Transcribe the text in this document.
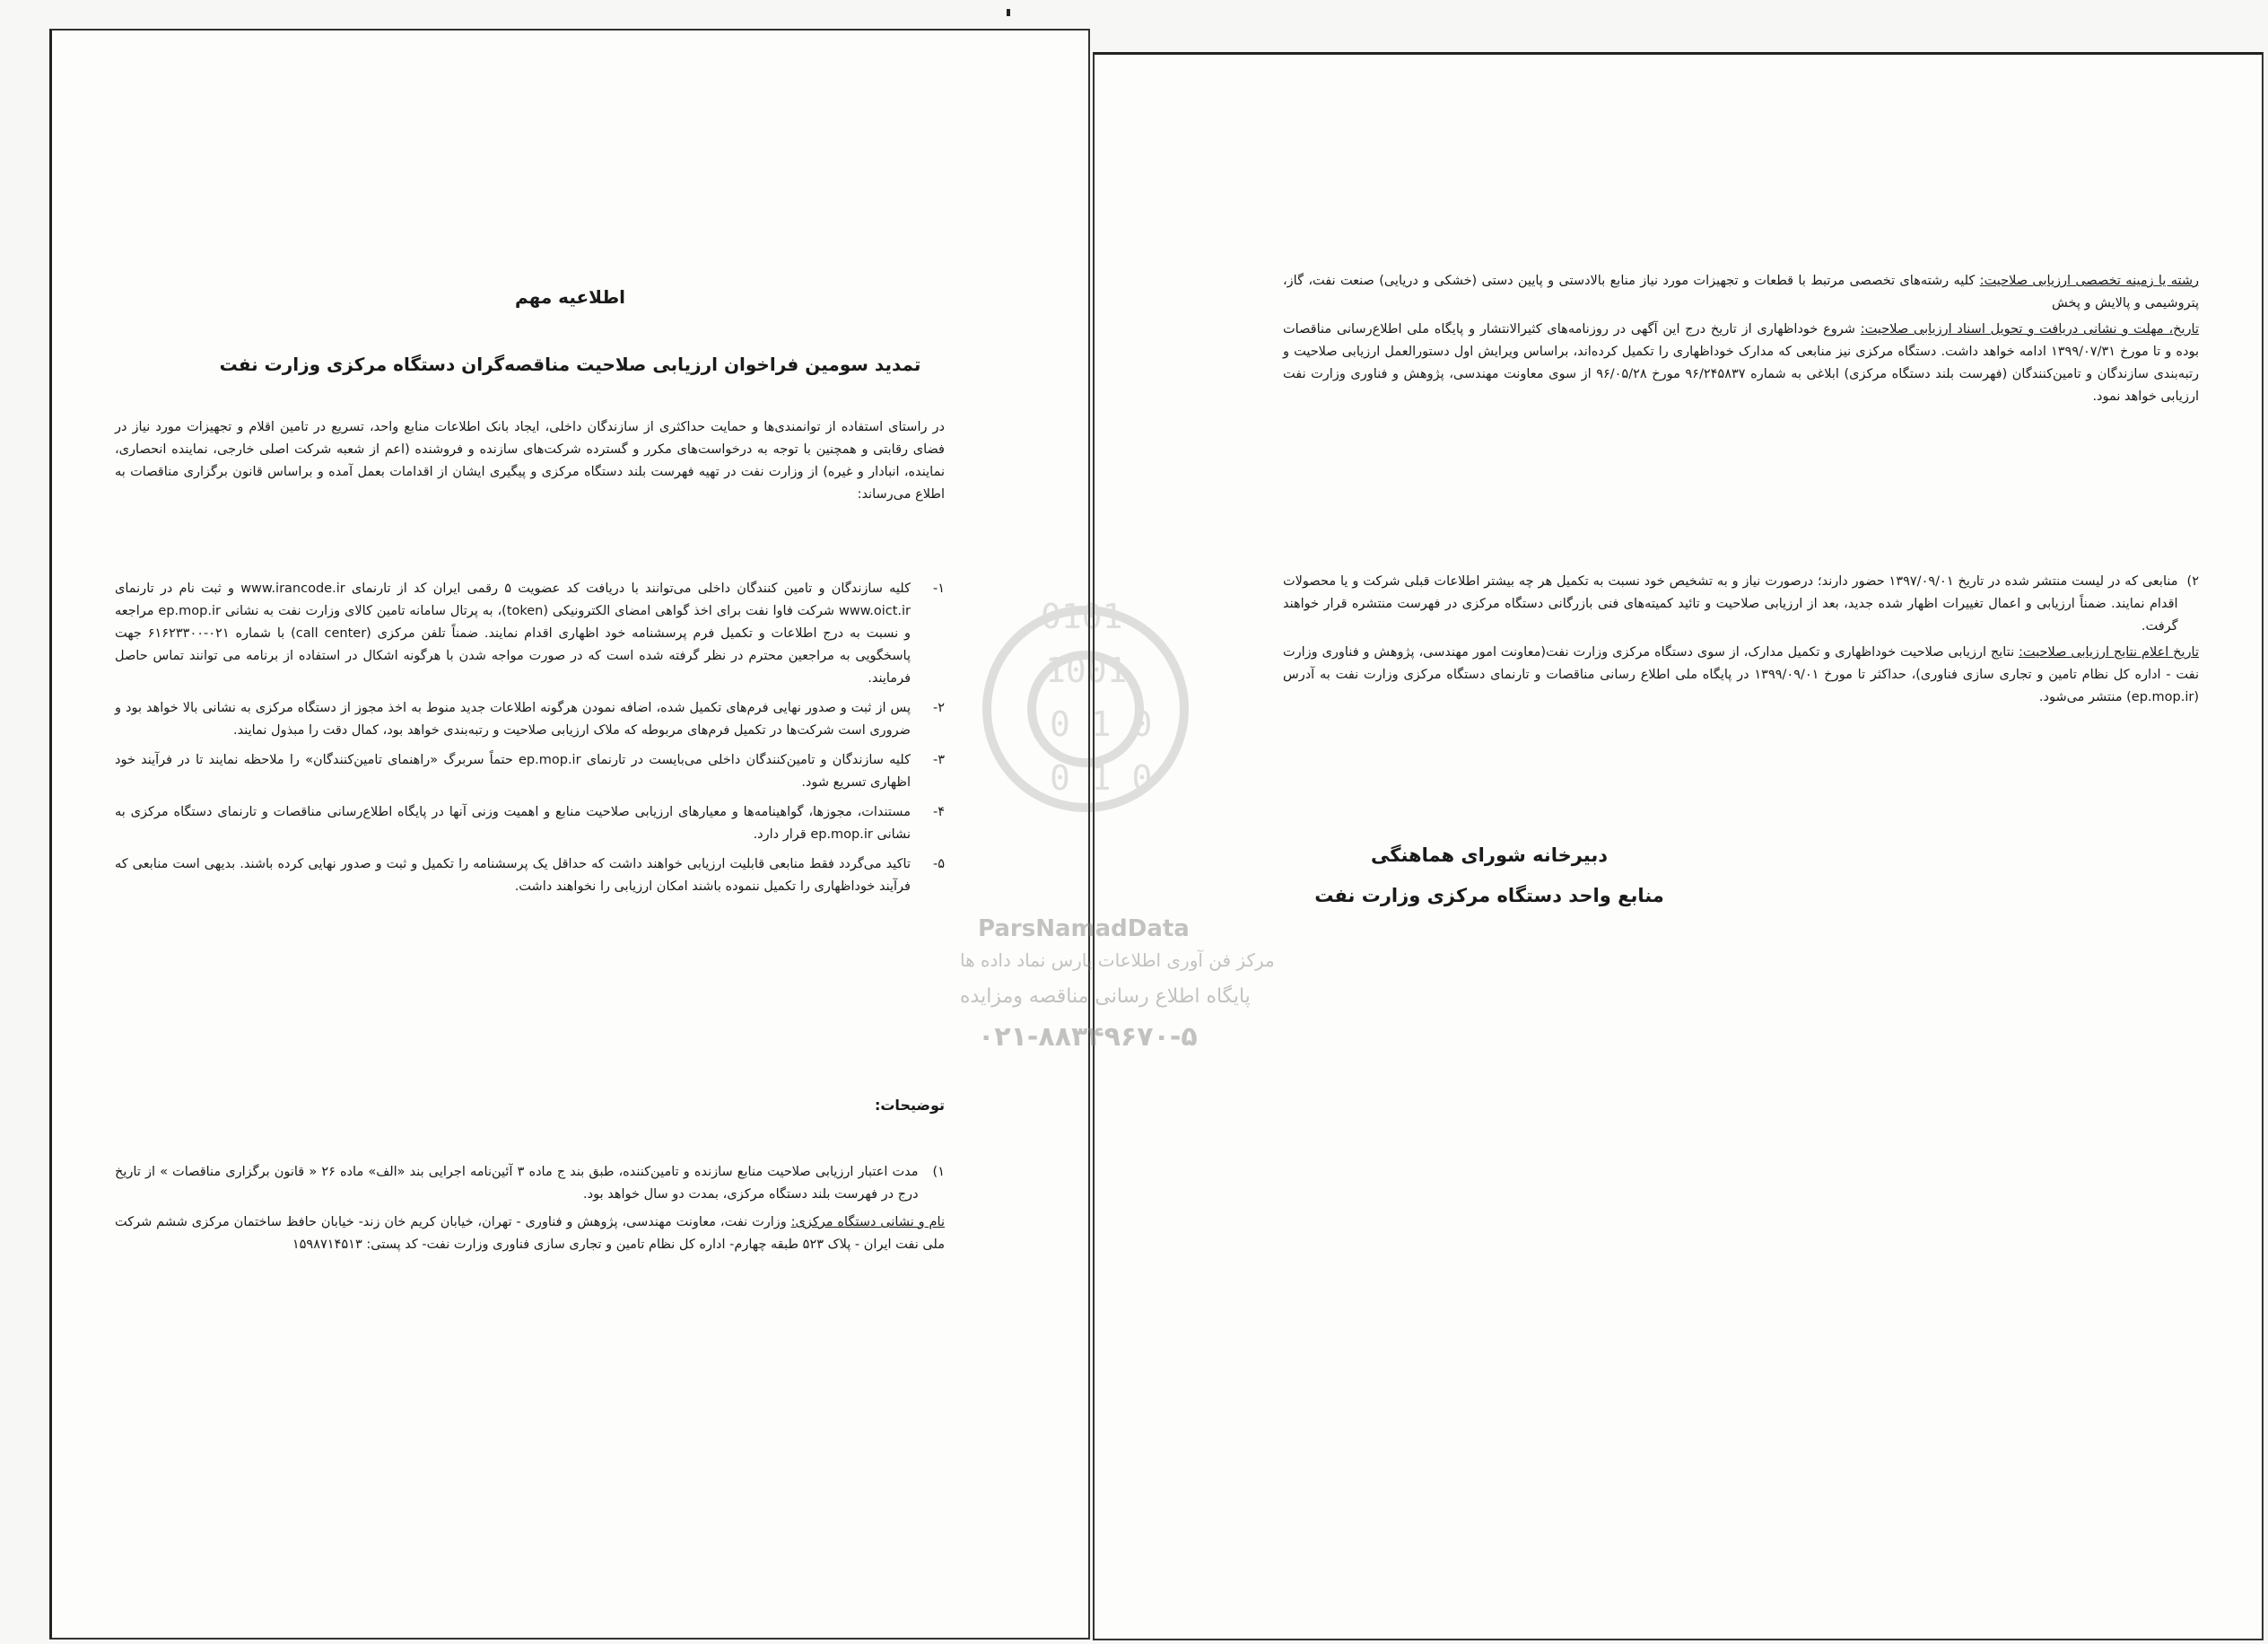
اطلاعیه مهم
تمدید سومین فراخوان ارزیابی صلاحیت مناقصه‌گران دستگاه مرکزی وزارت نفت
در راستای استفاده از توانمندی‌ها و حمایت حداکثری از سازندگان داخلی، ایجاد بانک اطلاعات منابع واحد، تسریع در تامین اقلام و تجهیزات مورد نیاز در فضای رقابتی و همچنین با توجه به درخواست‌های مکرر و گسترده شرکت‌های سازنده و فروشنده (اعم از شعبه شرکت اصلی خارجی، نماینده انحصاری، نماینده، انبادار و غیره) از وزارت نفت در تهیه فهرست بلند دستگاه مرکزی و پیگیری ایشان از اقدامات بعمل آمده و براساس قانون برگزاری مناقصات به اطلاع می‌رساند:
۱-
کلیه سازندگان و تامین کنندگان داخلی می‌توانند با دریافت کد عضویت ۵ رقمی ایران کد از تارنمای www.irancode.ir و ثبت نام در تارنمای www.oict.ir شرکت فاوا نفت برای اخذ گواهی امضای الکترونیکی (token)، به پرتال سامانه تامین کالای وزارت نفت به نشانی ep.mop.ir مراجعه و نسبت به درج اطلاعات و تکمیل فرم پرسشنامه خود اظهاری اقدام نمایند. ضمناً تلفن مرکزی (call center) با شماره ۰۲۱-۶۱۶۲۳۳۰۰ جهت پاسخگویی به مراجعین محترم در نظر گرفته شده است که در صورت مواجه شدن با هرگونه اشکال در استفاده از برنامه می توانند تماس حاصل فرمایند.
۲-
پس از ثبت و صدور نهایی فرم‌های تکمیل شده، اضافه نمودن هرگونه اطلاعات جدید منوط به اخذ مجوز از دستگاه مرکزی به نشانی بالا خواهد بود و ضروری است شرکت‌ها در تکمیل فرم‌های مربوطه که ملاک ارزیابی صلاحیت و رتبه‌بندی خواهد بود، کمال دقت را مبذول نمایند.
۳-
کلیه سازندگان و تامین‌کنندگان داخلی می‌بایست در تارنمای ep.mop.ir حتماً سربرگ «راهنمای تامین‌کنندگان» را ملاحظه نمایند تا در فرآیند خود اظهاری تسریع شود.
۴-
مستندات، مجوزها، گواهینامه‌ها و معیارهای ارزیابی صلاحیت منابع و اهمیت وزنی آنها در پایگاه اطلاع‌رسانی مناقصات و تارنمای دستگاه مرکزی به نشانی ep.mop.ir قرار دارد.
۵-
تاکید می‌گردد فقط منابعی قابلیت ارزیابی خواهند داشت که حداقل یک پرسشنامه را تکمیل و ثبت و صدور نهایی کرده باشند. بدیهی است منابعی که فرآیند خوداظهاری را تکمیل ننموده باشند امکان ارزیابی را نخواهند داشت.
توضیحات:
۱)
مدت اعتبار ارزیابی صلاحیت منابع سازنده و تامین‌کننده، طبق بند ج ماده ۳ آئین‌نامه اجرایی بند «الف» ماده ۲۶ « قانون برگزاری مناقصات » از تاریخ درج در فهرست بلند دستگاه مرکزی، بمدت دو سال خواهد بود.
نام و نشانی دستگاه مرکزی: وزارت نفت، معاونت مهندسی، پژوهش و فناوری - تهران، خیابان کریم خان زند- خیابان حافظ ساختمان مرکزی ششم شرکت ملی نفت ایران - پلاک ۵۲۳ طبقه چهارم- اداره کل نظام تامین و تجاری سازی فناوری وزارت نفت- کد پستی: ۱۵۹۸۷۱۴۵۱۳

رشته یا زمینه تخصصی ارزیابی صلاحیت: کلیه رشته‌های تخصصی مرتبط با قطعات و تجهیزات مورد نیاز منابع بالادستی و پایین دستی (خشکی و دریایی) صنعت نفت، گاز، پتروشیمی و پالایش و پخش

تاریخ، مهلت و نشانی دریافت و تحویل اسناد ارزیابی صلاحیت: شروع خوداظهاری از تاریخ درج این آگهی در روزنامه‌های کثیرالانتشار و پایگاه ملی اطلاع‌رسانی مناقصات بوده و تا مورخ ۱۳۹۹/۰۷/۳۱ ادامه خواهد داشت. دستگاه مرکزی نیز منابعی که مدارک خوداظهاری را تکمیل کرده‌اند، براساس ویرایش اول دستورالعمل ارزیابی صلاحیت و رتبه‌بندی سازندگان و تامین‌کنندگان (فهرست بلند دستگاه مرکزی) ابلاغی به شماره ۹۶/۲۴۵۸۳۷ مورخ ۹۶/۰۵/۲۸ از سوی معاونت مهندسی، پژوهش و فناوری وزارت نفت ارزیابی خواهد نمود.

۲)
منابعی که در لیست منتشر شده در تاریخ ۱۳۹۷/۰۹/۰۱ حضور دارند؛ درصورت نیاز و به تشخیص خود نسبت به تکمیل هر چه بیشتر اطلاعات قبلی شرکت و یا محصولات اقدام نمایند. ضمناً ارزیابی و اعمال تغییرات اظهار شده جدید، بعد از ارزیابی صلاحیت و تائید کمیته‌های فنی بازرگانی دستگاه مرکزی در فهرست منتشره قرار خواهند گرفت.

تاریخ اعلام نتایج ارزیابی صلاحیت: نتایج ارزیابی صلاحیت خوداظهاری و تکمیل مدارک، از سوی دستگاه مرکزی وزارت نفت(معاونت امور مهندسی، پژوهش و فناوری وزارت نفت - اداره کل نظام تامین و تجاری سازی فناوری)، حداکثر تا مورخ ۱۳۹۹/۰۹/۰۱ در پایگاه ملی اطلاع رسانی مناقصات و تارنمای دستگاه مرکزی وزارت نفت به آدرس (ep.mop.ir) منتشر می‌شود.

دبیرخانه شورای هماهنگی
منابع واحد دستگاه مرکزی وزارت نفت
0101
1001
0 1 0
0 1 0
ParsNamadData
مرکز فن آوری اطلاعات پارس نماد داده ها
پایگاه اطلاع رسانی مناقصه ومزایده
۰۲۱-۸۸۳۴۹۶۷۰-۵
